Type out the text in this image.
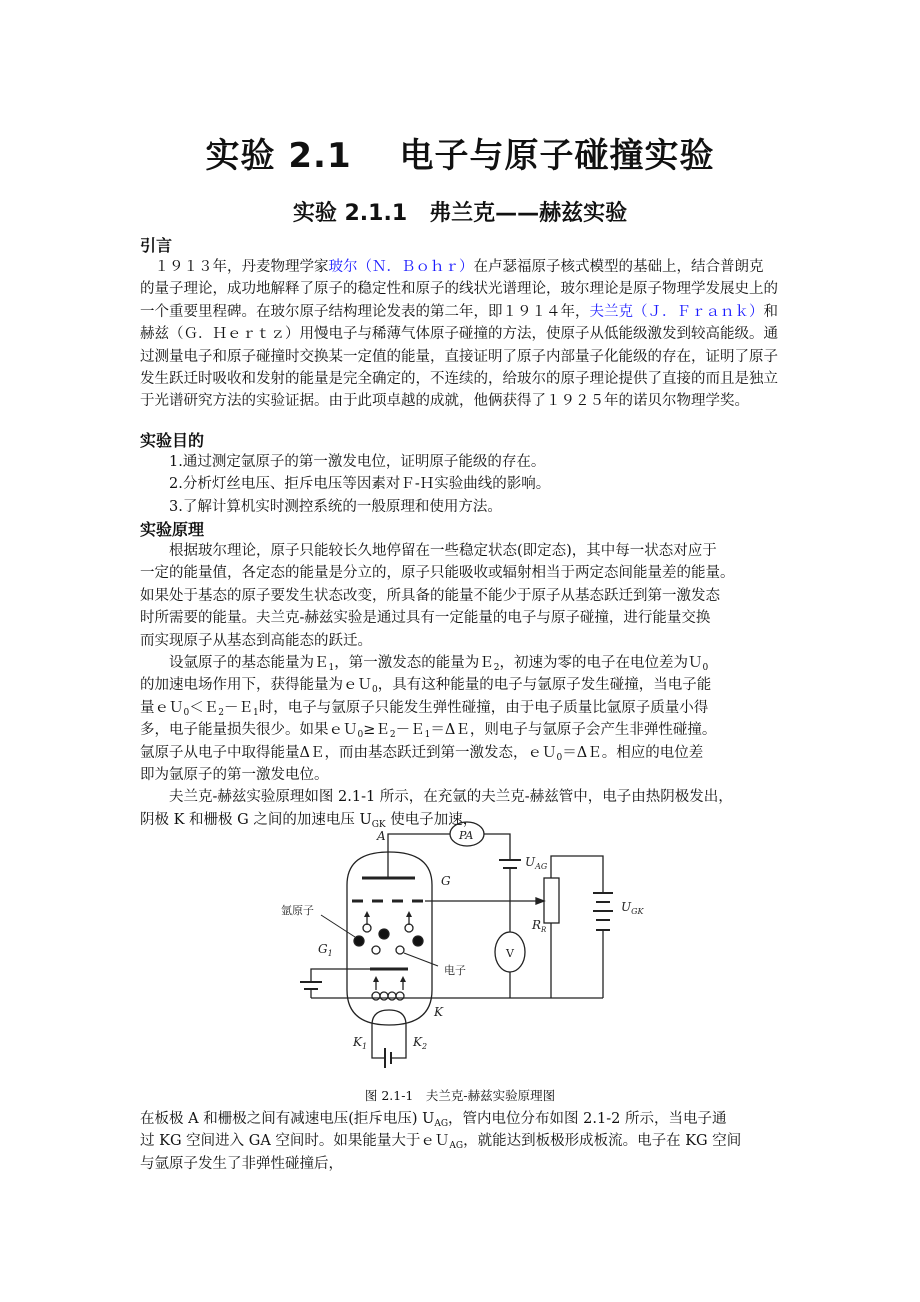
实验 2.1　 电子与原子碰撞实验
实验 2.1.1　弗兰克——赫兹实验
引言
　１９１３年，丹麦物理学家玻尔（Ｎ．Ｂｏｈｒ）在卢瑟福原子核式模型的基础上，结合普朗克
的量子理论，成功地解释了原子的稳定性和原子的线状光谱理论，玻尔理论是原子物理学发展史上的
一个重要里程碑。在玻尔原子结构理论发表的第二年，即１９１４年，夫兰克（Ｊ．Ｆｒａｎｋ）和
赫兹（Ｇ．Ｈｅｒｔｚ）用慢电子与稀薄气体原子碰撞的方法，使原子从低能级激发到较高能级。通
过测量电子和原子碰撞时交换某一定值的能量，直接证明了原子内部量子化能级的存在，证明了原子
发生跃迁时吸收和发射的能量是完全确定的，不连续的，给玻尔的原子理论提供了直接的而且是独立
于光谱研究方法的实验证据。由于此项卓越的成就，他俩获得了１９２５年的诺贝尔物理学奖。
实验目的
　　1.通过测定氩原子的第一激发电位，证明原子能级的存在。
　　2.分析灯丝电压、拒斥电压等因素对Ｆ-Ｈ实验曲线的影响。
　　3.了解计算机实时测控系统的一般原理和使用方法。
实验原理
　　根据玻尔理论，原子只能较长久地停留在一些稳定状态(即定态)，其中每一状态对应于
一定的能量值，各定态的能量是分立的，原子只能吸收或辐射相当于两定态间能量差的能量。
如果处于基态的原子要发生状态改变，所具备的能量不能少于原子从基态跃迁到第一激发态
时所需要的能量。夫兰克-赫兹实验是通过具有一定能量的电子与原子碰撞，进行能量交换
而实现原子从基态到高能态的跃迁。
　　设氩原子的基态能量为Ｅ$_1$，第一激发态的能量为Ｅ$_2$，初速为零的电子在电位差为Ｕ$_0$
的加速电场作用下，获得能量为ｅＵ$_0$，具有这种能量的电子与氩原子发生碰撞，当电子能
量ｅＵ$_0$＜Ｅ$_2$－Ｅ$_1$时，电子与氩原子只能发生弹性碰撞，由于电子质量比氩原子质量小得
多，电子能量损失很少。如果ｅＵ$_0$≥Ｅ$_2$－Ｅ$_1$＝ΔＥ，则电子与氩原子会产生非弹性碰撞。
氩原子从电子中取得能量ΔＥ，而由基态跃迁到第一激发态，ｅＵ$_0$＝ΔＥ。相应的电位差
即为氩原子的第一激发电位。
　　夫兰克-赫兹实验原理如图 2.1-1 所示，在充氩的夫兰克-赫兹管中，电子由热阴极发出，
阴极 K 和栅极 G 之间的加速电压 $U_{GK}$ 使电子加速，
A	PA
$U_{AG}$
G
氩原子
$G_1$
电子
$R_R$
$U_{GK}$
V
K
$K_1$	$K_2$
图 2.1-1　夫兰克-赫兹实验原理图
在板极 A 和栅极之间有减速电压(拒斥电压) $U_{AG}$，管内电位分布如图 2.1-2 所示，当电子通
过 KG 空间进入 GA 空间时。如果能量大于ｅＵ$_{AG}$，就能达到板极形成板流。电子在 KG 空间
与氩原子发生了非弹性碰撞后，
